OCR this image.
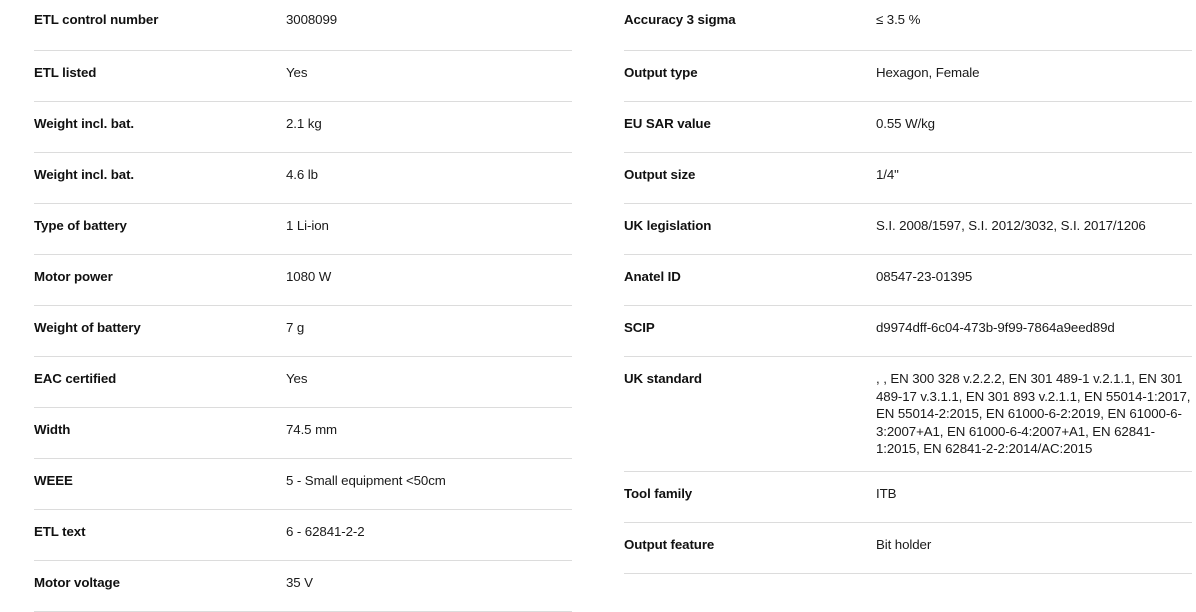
ETL control number	3008099
ETL listed	Yes
Weight incl. bat.	2.1 kg
Weight incl. bat.	4.6 lb
Type of battery	1 Li-ion
Motor power	1080 W
Weight of battery	7 g
EAC certified	Yes
Width	74.5 mm
WEEE	5 - Small equipment <50cm
ETL text	6 - 62841-2-2
Motor voltage	35 V
Accuracy 3 sigma	≤ 3.5 %
Output type	Hexagon, Female
EU SAR value	0.55 W/kg
Output size	1/4"
UK legislation	S.I. 2008/1597, S.I. 2012/3032, S.I. 2017/1206
Anatel ID	08547-23-01395
SCIP	d9974dff-6c04-473b-9f99-7864a9eed89d
UK standard	, , EN 300 328 v.2.2.2, EN 301 489-1 v.2.1.1, EN 301 489-17 v.3.1.1, EN 301 893 v.2.1.1, EN 55014-1:2017, EN 55014-2:2015, EN 61000-6-2:2019, EN 61000-6-3:2007+A1, EN 61000-6-4:2007+A1, EN 62841-1:2015, EN 62841-2-2:2014/AC:2015
Tool family	ITB
Output feature	Bit holder
